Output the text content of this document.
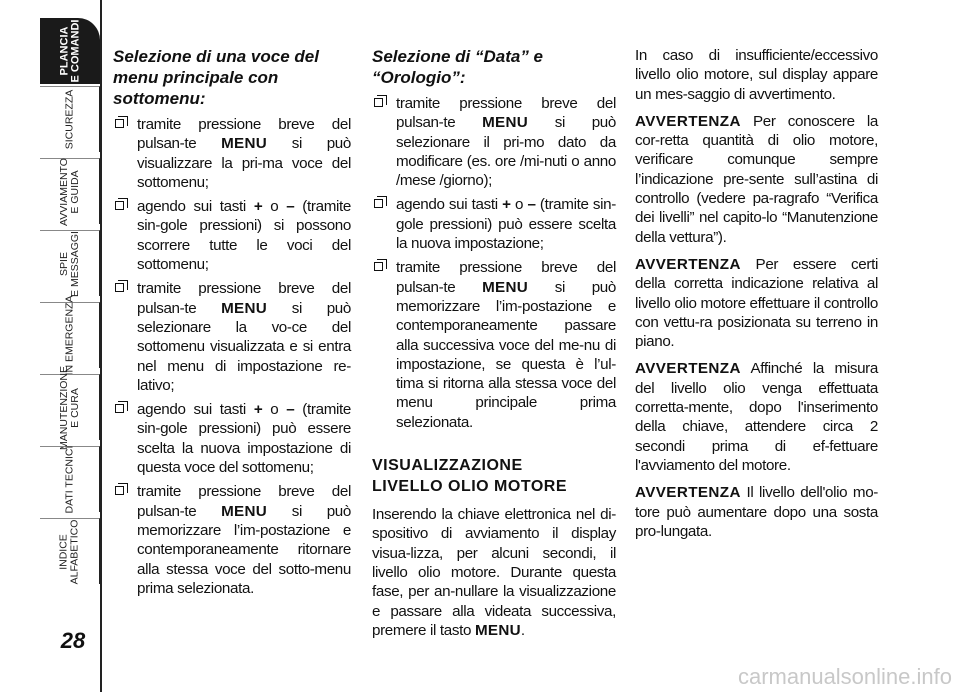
PLANCIA
E COMANDI
SICUREZZA
AVVIAMENTO
E GUIDA
SPIE
E MESSAGGI
IN EMERGENZA
MANUTENZIONE
E CURA
DATI TECNICI
INDICE
ALFABETICO
28
Selezione di una voce del menu principale con sottomenu:
tramite pressione breve del pulsan-te MENU si può visualizzare la pri-ma voce del sottomenu;
agendo sui tasti + o – (tramite sin-gole pressioni) si possono scorrere tutte le voci del sottomenu;
tramite pressione breve del pulsan-te MENU si può selezionare la vo-ce del sottomenu visualizzata e si entra nel menu di impostazione re-lativo;
agendo sui tasti + o – (tramite sin-gole pressioni) può essere scelta la nuova impostazione di questa voce del sottomenu;
tramite pressione breve del pulsan-te MENU si può memorizzare l’im-postazione e contemporaneamente ritornare alla stessa voce del sotto-menu prima selezionata.
Selezione di “Data” e “Orologio”:
tramite pressione breve del pulsan-te MENU si può selezionare il pri-mo dato da modificare (es. ore /mi-nuti o anno /mese /giorno);
agendo sui tasti + o – (tramite sin-gole pressioni) può essere scelta la nuova impostazione;
tramite pressione breve del pulsan-te MENU si può memorizzare l’im-postazione e contemporaneamente passare alla successiva voce del me-nu di impostazione, se questa è l’ul-tima si ritorna alla stessa voce del menu principale prima selezionata.
VISUALIZZAZIONE
LIVELLO OLIO MOTORE

Inserendo la chiave elettronica nel di-spositivo di avviamento il display visua-lizza, per alcuni secondi, il livello olio motore. Durante questa fase, per an-nullare la visualizzazione e passare alla videata successiva, premere il tasto MENU.

In caso di insufficiente/eccessivo livello olio motore, sul display appare un mes-saggio di avvertimento.

AVVERTENZA Per conoscere la cor-retta quantità di olio motore, verificare comunque sempre l’indicazione pre-sente sull’astina di controllo (vedere pa-ragrafo “Verifica dei livelli” nel capito-lo “Manutenzione della vettura”).

AVVERTENZA Per essere certi della corretta indicazione relativa al livello olio motore effettuare il controllo con vettu-ra posizionata su terreno in piano.

AVVERTENZA Affinché la misura del livello olio venga effettuata corretta-mente, dopo l'inserimento della chiave, attendere circa 2 secondi prima di ef-fettuare l'avviamento del motore.

AVVERTENZA Il livello dell'olio mo-tore può aumentare dopo una sosta pro-lungata.

carmanualsonline.info
